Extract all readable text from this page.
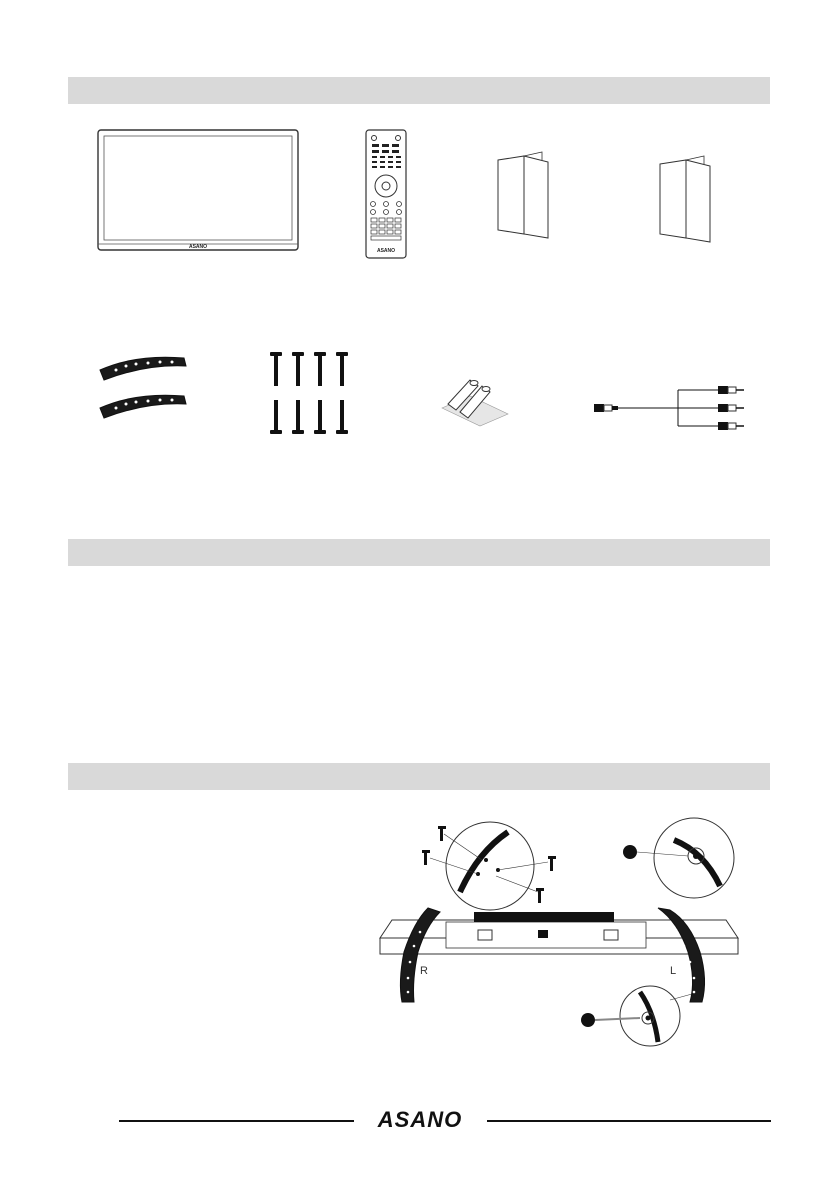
ASANO
ASANO
R	L
ASANO
